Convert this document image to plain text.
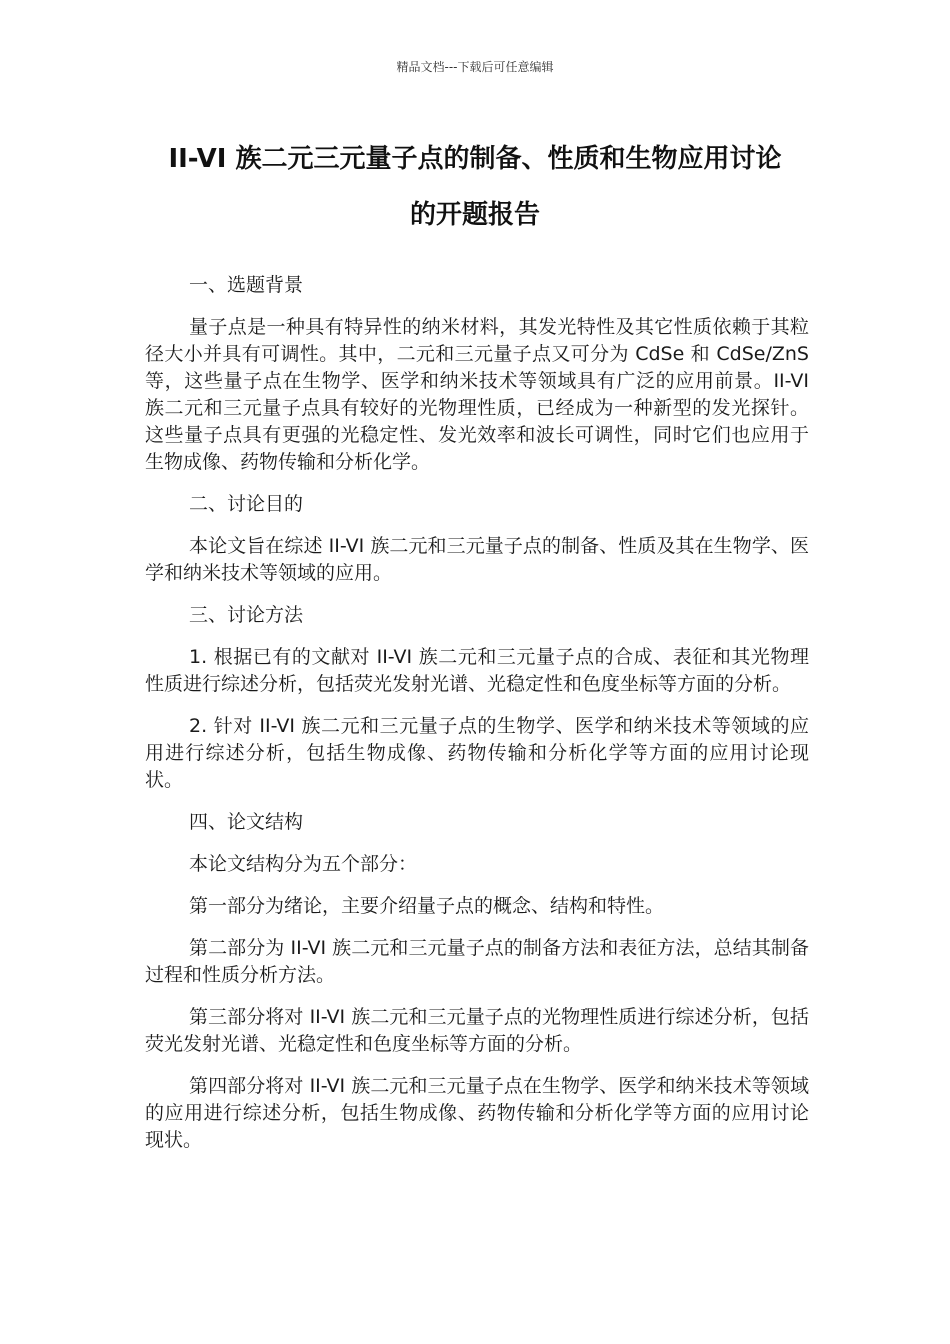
精品文档---下载后可任意编辑
II-VI 族二元三元量子点的制备、性质和生物应用讨论
的开题报告
一、选题背景
量子点是一种具有特异性的纳米材料，其发光特性及其它性质依赖于其粒径大小并具有可调性。其中，二元和三元量子点又可分为 CdSe 和 CdSe/ZnS 等，这些量子点在生物学、医学和纳米技术等领域具有广泛的应用前景。II-VI 族二元和三元量子点具有较好的光物理性质，已经成为一种新型的发光探针。这些量子点具有更强的光稳定性、发光效率和波长可调性，同时它们也应用于生物成像、药物传输和分析化学。
二、讨论目的
本论文旨在综述 II-VI 族二元和三元量子点的制备、性质及其在生物学、医学和纳米技术等领域的应用。
三、讨论方法
1. 根据已有的文献对 II-VI 族二元和三元量子点的合成、表征和其光物理性质进行综述分析，包括荧光发射光谱、光稳定性和色度坐标等方面的分析。
2. 针对 II-VI 族二元和三元量子点的生物学、医学和纳米技术等领域的应用进行综述分析，包括生物成像、药物传输和分析化学等方面的应用讨论现状。
四、论文结构
本论文结构分为五个部分：
第一部分为绪论，主要介绍量子点的概念、结构和特性。
第二部分为 II-VI 族二元和三元量子点的制备方法和表征方法，总结其制备过程和性质分析方法。
第三部分将对 II-VI 族二元和三元量子点的光物理性质进行综述分析，包括荧光发射光谱、光稳定性和色度坐标等方面的分析。
第四部分将对 II-VI 族二元和三元量子点在生物学、医学和纳米技术等领域的应用进行综述分析，包括生物成像、药物传输和分析化学等方面的应用讨论现状。
